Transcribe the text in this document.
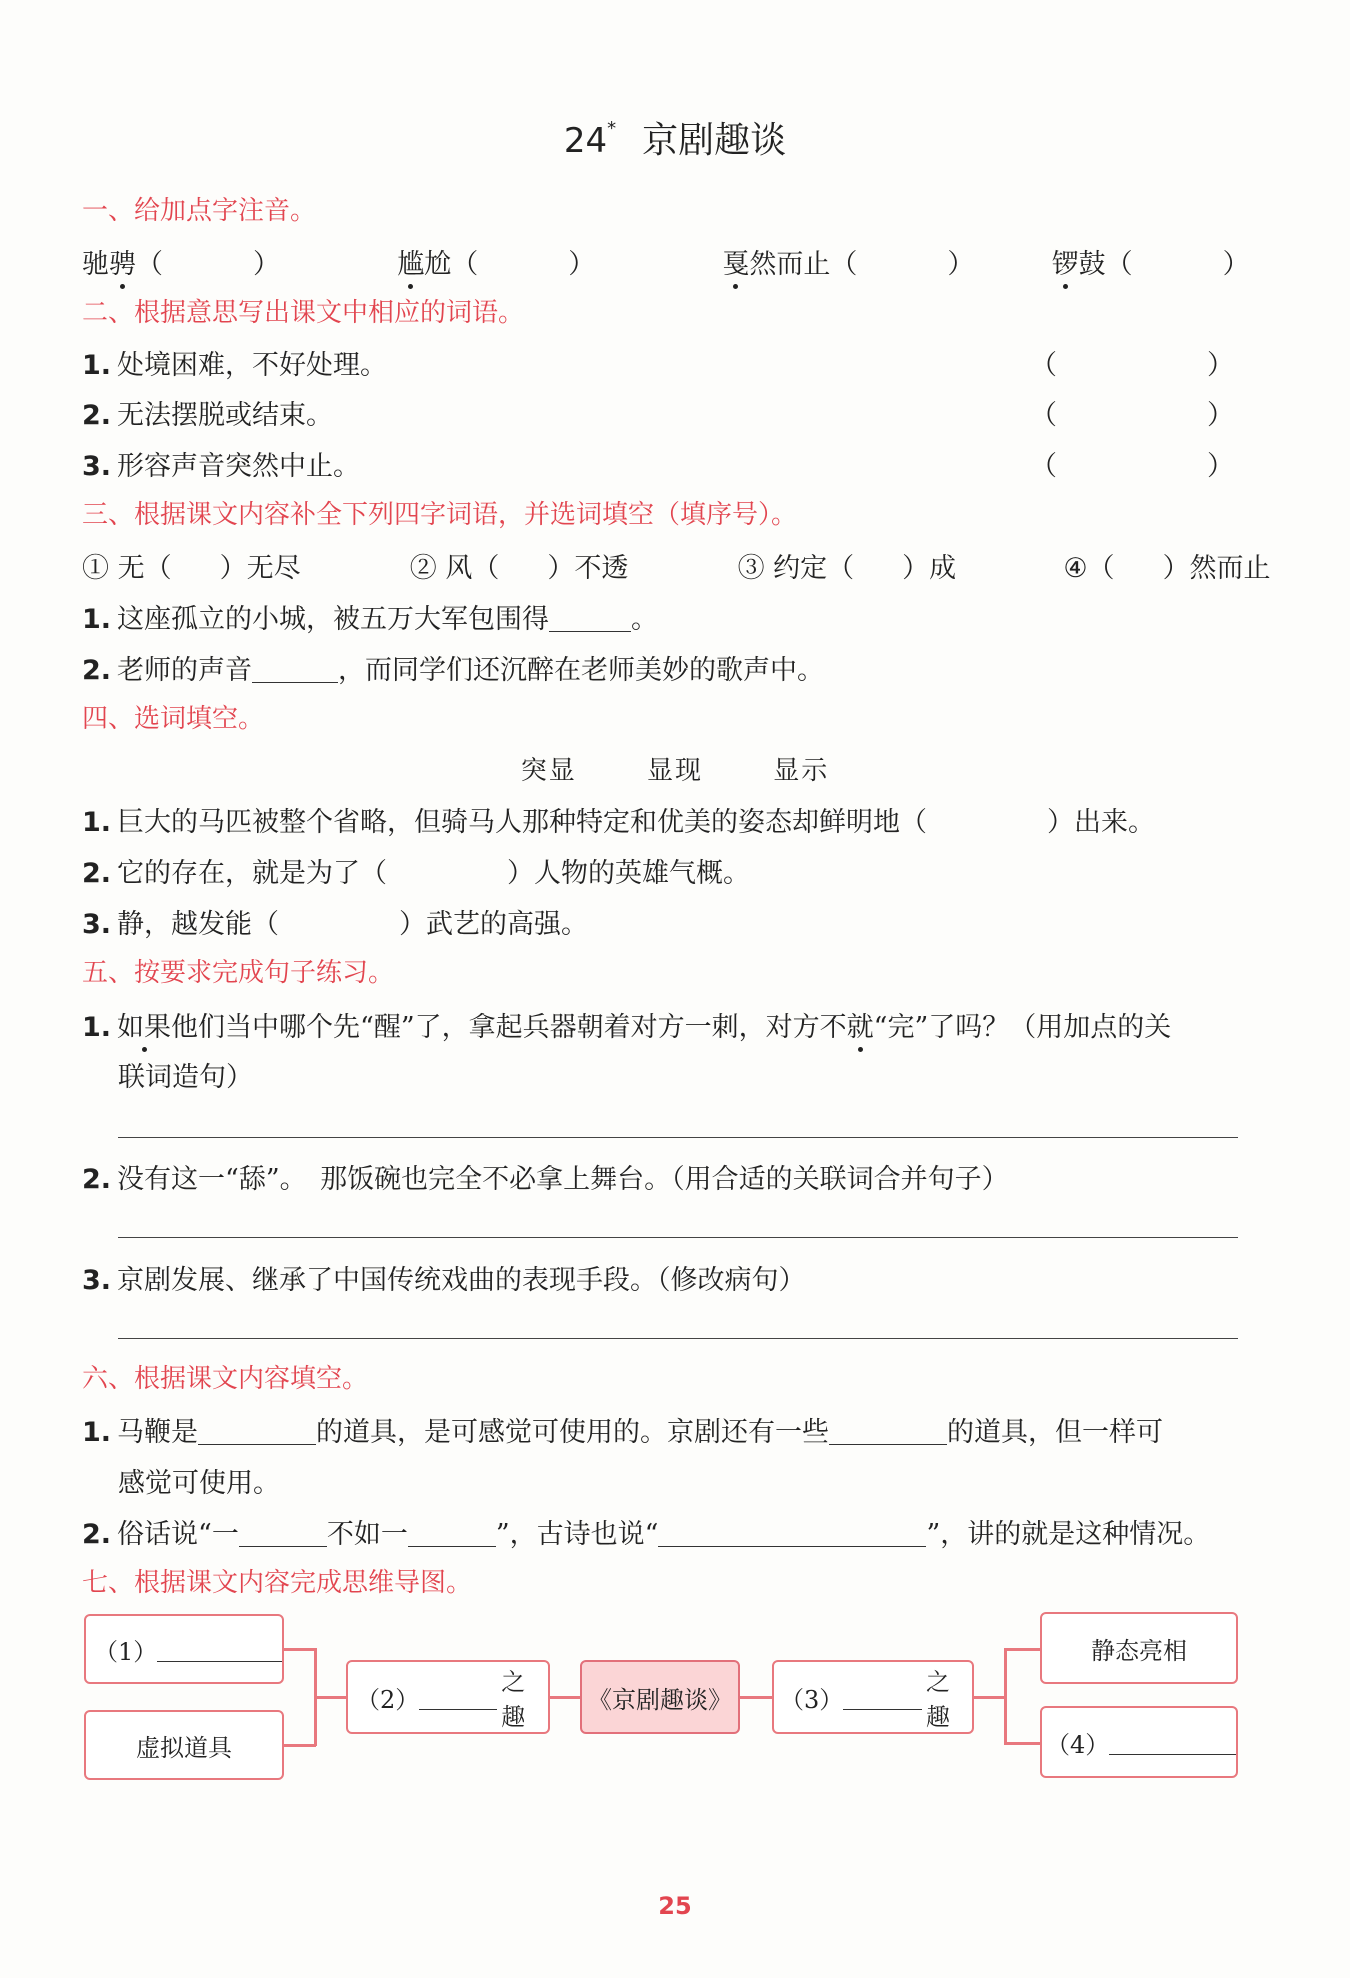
24* 京剧趣谈
一、给加点字注音。
驰骋（	）	尴尬（	）	戛然而止（	）	锣鼓（	）
二、根据意思写出课文中相应的词语。
1. 处境困难，不好处理。	（	）
2. 无法摆脱或结束。	（	）
3. 形容声音突然中止。	（	）
三、根据课文内容补全下列四字词语，并选词填空（填序号）。
① 无（ ）无尽	② 风（ ）不透	③ 约定（ ）成	④（ ）然而止
1. 这座孤立的小城，被五万大军包围得	。
2. 老师的声音	，而同学们还沉醉在老师美妙的歌声中。
四、选词填空。
突显	显现	显示
1. 巨大的马匹被整个省略，但骑马人那种特定和优美的姿态却鲜明地（	）出来。
2. 它的存在，就是为了（	）人物的英雄气概。
3. 静，越发能（	）武艺的高强。
五、按要求完成句子练习。
1. 如果他们当中哪个先“醒”了，拿起兵器朝着对方一刺，对方不就“完”了吗？（用加点的关
联词造句）
2. 没有这一“舔”。　那饭碗也完全不必拿上舞台。（用合适的关联词合并句子）
3. 京剧发展、继承了中国传统戏曲的表现手段。（修改病句）
六、根据课文内容填空。
1. 马鞭是	的道具，是可感觉可使用的。京剧还有一些	的道具，但一样可
感觉可使用。
2. 俗话说“一	不如一	”，古诗也说“	”，讲的就是这种情况。
七、根据课文内容完成思维导图。
（1）
虚拟道具
（2）
之趣
《京剧趣谈》 （3）
之趣
静态亮相
（4）
25
